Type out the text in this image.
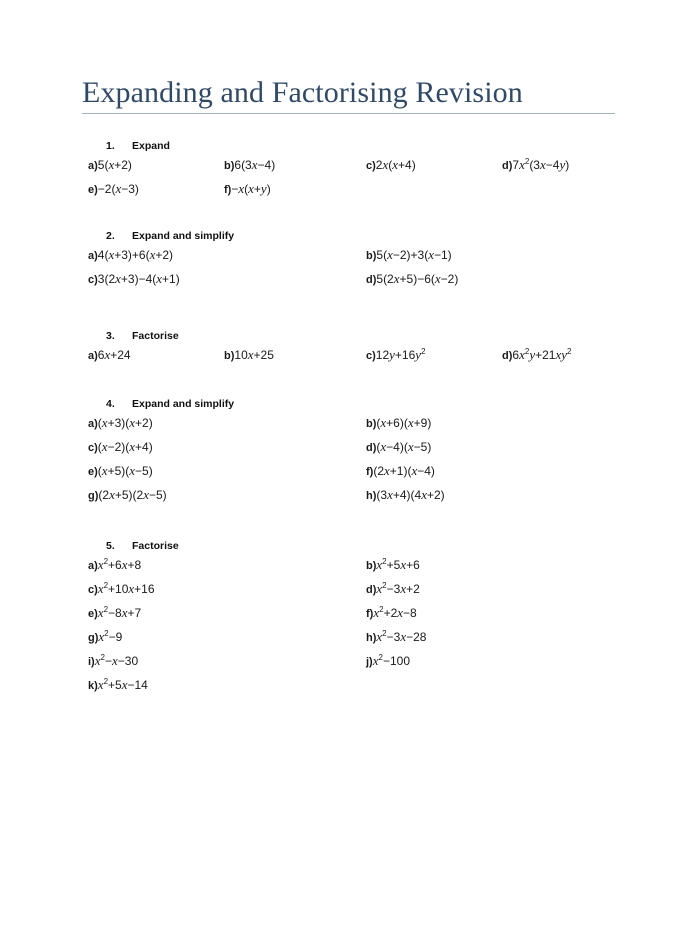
Expanding and Factorising Revision
1. Expand
a)5(x+2)	b)6(3x−4)	c)2x(x+4)	$d)7x^2(3x-4y)$
e)−2(x−3)	f)−x(x+y)
2. Expand and simplify
a)4(x+3)+6(x+2)	b)5(x−2)+3(x−1)
c)3(2x+3)−4(x+1)	d)5(2x+5)−6(x−2)
3. Factorise
a)6x+24	b)10x+25	$c)12y+16y^2$	$d)6x^2y+21xy^2$
4. Expand and simplify
a)(x+3)(x+2)	b)(x+6)(x+9)
c)(x−2)(x+4)	d)(x−4)(x−5)
e)(x+5)(x−5)	f)(2x+1)(x−4)
g)(2x+5)(2x−5)	h)(3x+4)(4x+2)
5. Factorise
$a)x^2+6x+8$	$b)x^2+5x+6$
$c)x^2+10x+16$	$d)x^2-3x+2$
$e)x^2-8x+7$	$f)x^2+2x-8$
$g)x^2-9$	$h)x^2-3x-28$
$i)x^2-x-30$	$j)x^2-100$
$k)x^2+5x-14$
